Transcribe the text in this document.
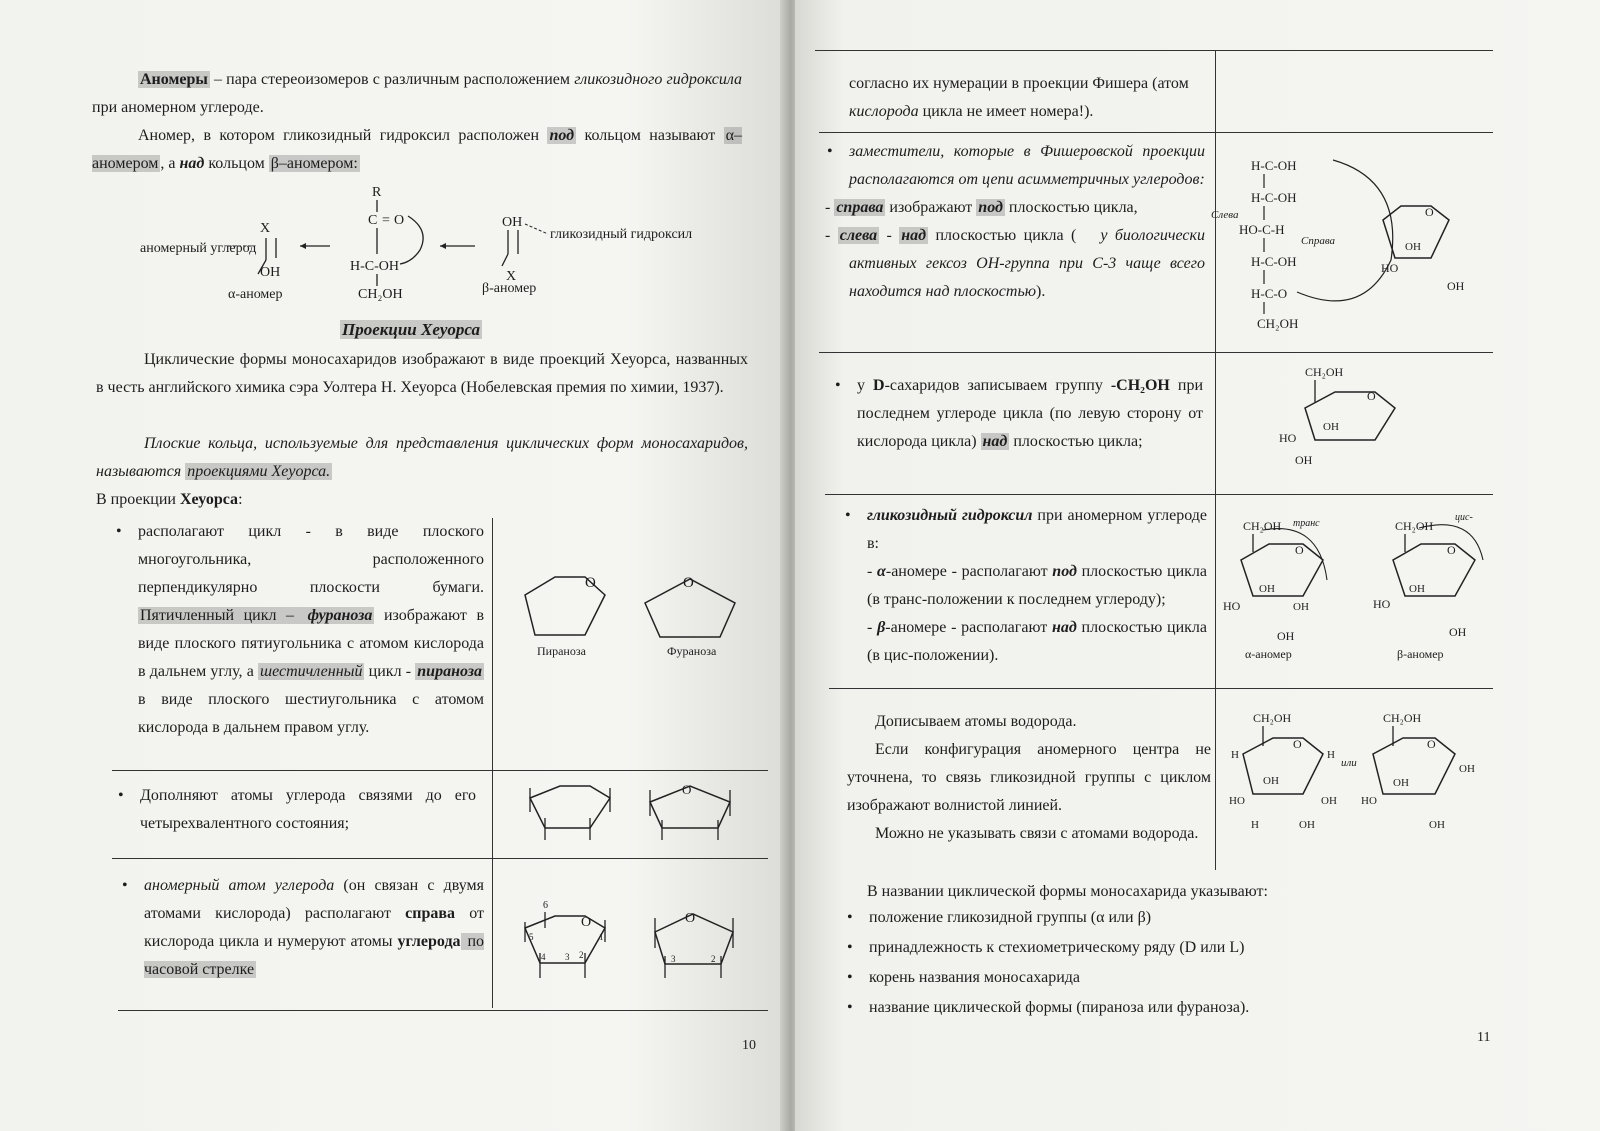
Аномеры – пара стереоизомеров с различным расположением гликозидного гидроксила при аномерном углероде.

Аномер, в котором гликозидный гидроксил расположен под кольцом называют α–аномером , а над кольцом β–аномером:

R
C = O
H-C-OH
CH₂OH
X
OH
аномерный углерод
α-аномер
OH
X
гликозидный гидроксил
β-аномер
Проекции Хеуорса

Циклические формы моносахаридов изображают в виде проекций Хеуорса, названных в честь английского химика сэра Уолтера Н. Хеуорса (Нобелевская премия по химии, 1937).

Плоские кольца, используемые для представления циклических форм моносахаридов, называются проекциями Хеуорса.

В проекции Хеуорса:

• располагают цикл - в виде плоского многоугольника, расположенного перпендикулярно плоскости бумаги. Пятичленный цикл – фураноза изображают в виде плоского пятиугольника с атомом кислорода в дальнем углу, а шестичленный цикл - пираноза в виде плоского шестиугольника с атомом кислорода в дальнем правом углу.
O
Пираноза
O
Фураноза
• Дополняют атомы углерода связями до его четырехвалентного состояния;
O
• аномерный атом углерода (он связан с двумя атомами кислорода) располагают справа от кислорода цикла и нумеруют атомы углерода по часовой стрелке
6
O
5
4 3 2
1
O
3	2
10

согласно их нумерации в проекции Фишера (атом кислорода цикла не имеет номера!).

• заместители, которые в Фишеровской проекции располагаются от цепи асимметричных углеродов:
- справа изображают под плоскостью цикла,
- слева - над плоскостью цикла ( у биологически активных гексоз ОН-группа при С-3 чаще всего находится над плоскостью).
H-C-OH
H-C-OH
HO-C-H
H-C-OH
H-C-O
CH₂OH
Слева
Справа
O
HO
OH
OH
• у D-сахаридов записываем группу -CH₂OH при последнем углероде цикла (по левую сторону от кислорода цикла) над плоскостью цикла;
CH₂OH
O
HO
OH
OH
• гликозидный гидроксил при аномерном углероде в:
- α-аномере - располагают под плоскостью цикла (в транс-положении к последнем углероду);
- β-аномере - располагают над плоскостью цикла (в цис-положении).
CH₂OH
O
HO
OH
OH
OH
транс
α-аномер
CH₂OH
O
HO
OH
OH
цис-
β-аномер

Дописываем атомы водорода.

Если конфигурация аномерного центра не уточнена, то связь гликозидной группы с циклом изображают волнистой линией.

Можно не указывать связи с атомами водорода.

CH₂OH
O
H	H
OH
HO	OH
H	OH
или
CH₂OH
O
OH
OH
HO
OH

В названии циклической формы моносахарида указывают:

• положение гликозидной группы (α или β)
• принадлежность к стехиометрическому ряду (D или L)
• корень названия моносахарида
• название циклической формы (пираноза или фураноза).
11
